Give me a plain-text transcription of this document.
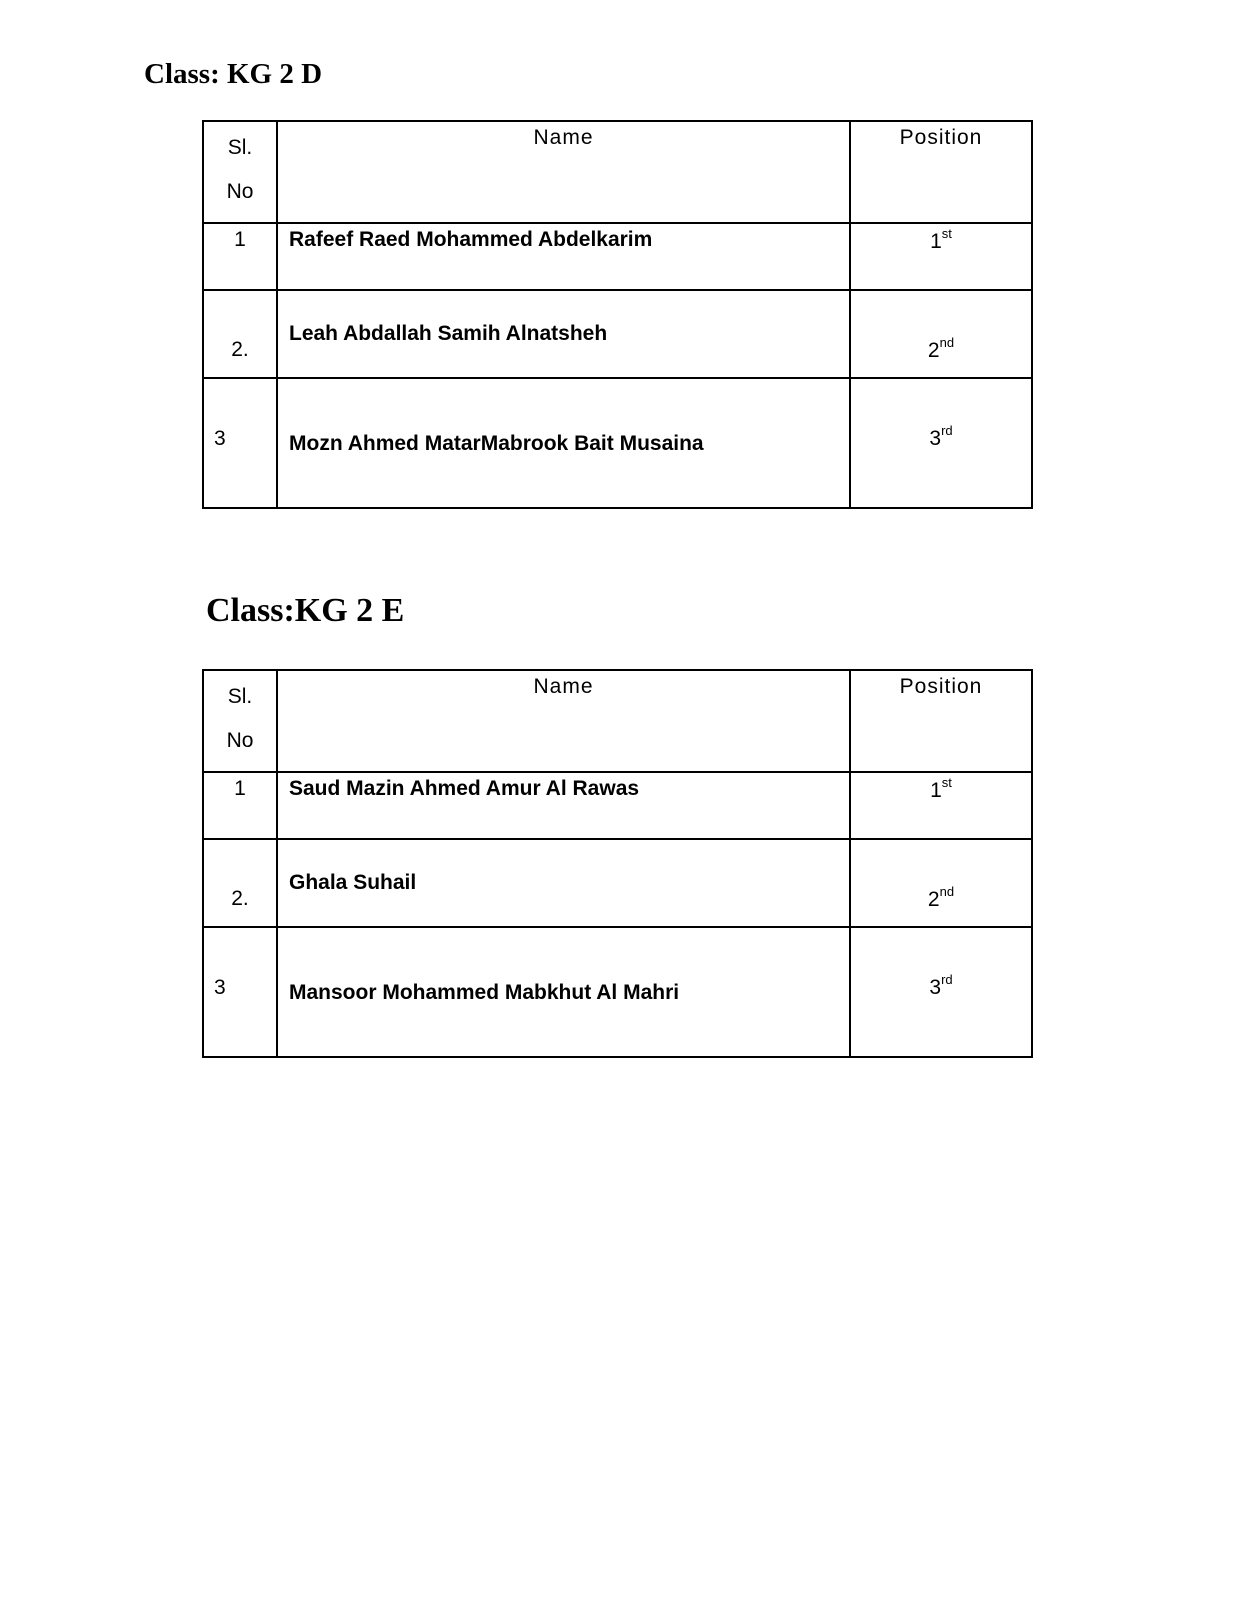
Class: KG 2 D
Sl.
No	Name	Position
1	Rafeef Raed Mohammed Abdelkarim	1st
2.	Leah Abdallah Samih Alnatsheh	2nd
3	Mozn Ahmed MatarMabrook Bait Musaina	3rd
Class:KG 2 E
Sl.
No	Name	Position
1	Saud Mazin Ahmed Amur Al Rawas	1st
2.	Ghala Suhail	2nd
3	Mansoor Mohammed Mabkhut Al Mahri	3rd
